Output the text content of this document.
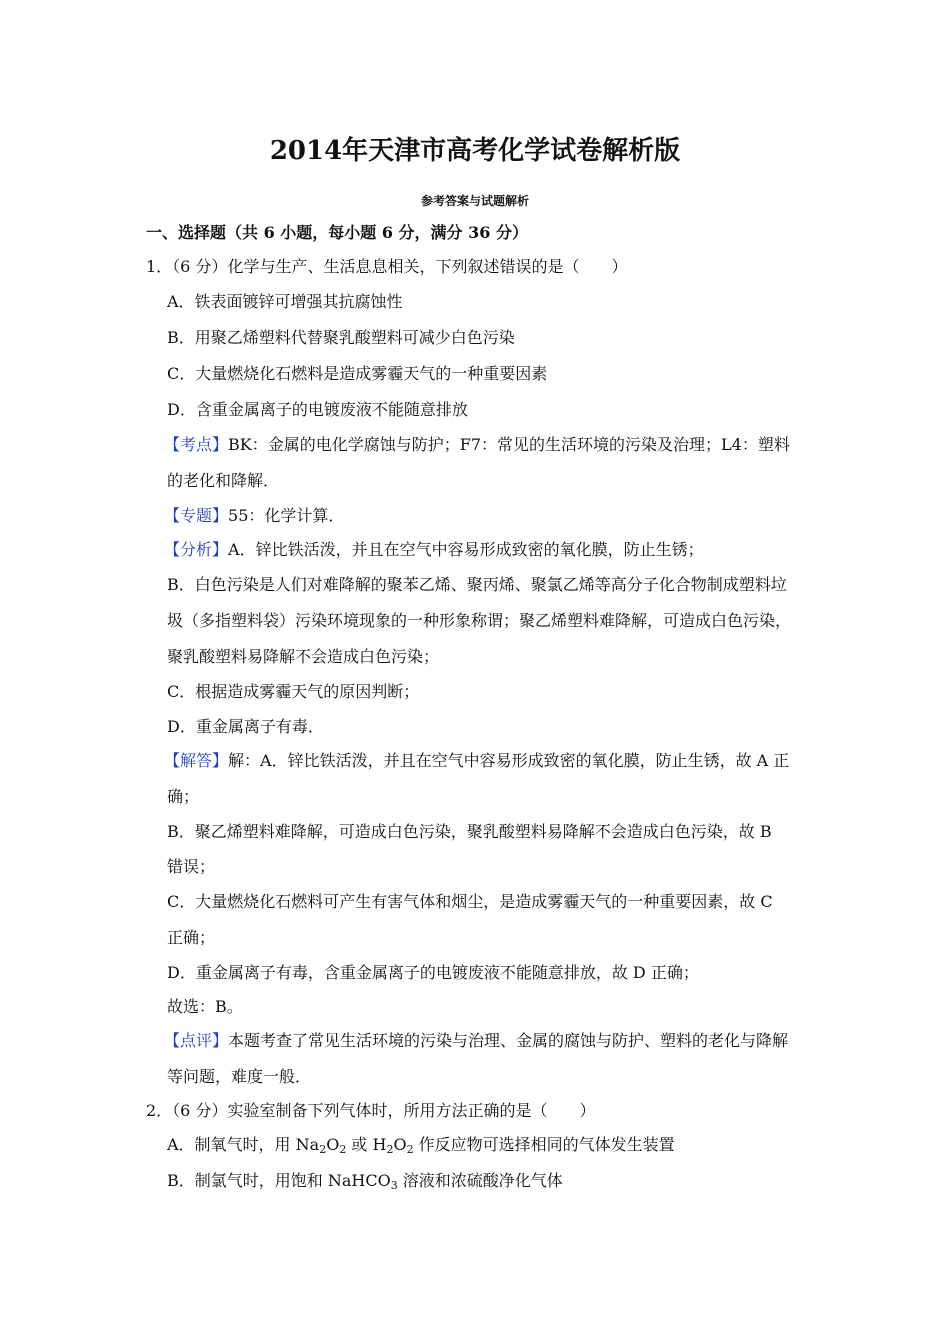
2014年天津市高考化学试卷解析版
参考答案与试题解析
一、选择题（共 6 小题，每小题 6 分，满分 36 分）
1．（6 分）化学与生产、生活息息相关，下列叙述错误的是（　　）
A．铁表面镀锌可增强其抗腐蚀性
B．用聚乙烯塑料代替聚乳酸塑料可减少白色污染
C．大量燃烧化石燃料是造成雾霾天气的一种重要因素
D．含重金属离子的电镀废液不能随意排放
【考点】BK：金属的电化学腐蚀与防护；F7：常见的生活环境的污染及治理；L4：塑料
的老化和降解．
【专题】55：化学计算．
【分析】A．锌比铁活泼，并且在空气中容易形成致密的氧化膜，防止生锈；
B．白色污染是人们对难降解的聚苯乙烯、聚丙烯、聚氯乙烯等高分子化合物制成塑料垃
圾（多指塑料袋）污染环境现象的一种形象称谓；聚乙烯塑料难降解，可造成白色污染，
聚乳酸塑料易降解不会造成白色污染；
C．根据造成雾霾天气的原因判断；
D．重金属离子有毒．
【解答】解：A．锌比铁活泼，并且在空气中容易形成致密的氧化膜，防止生锈，故 A 正
确；
B．聚乙烯塑料难降解，可造成白色污染，聚乳酸塑料易降解不会造成白色污染，故 B
错误；
C．大量燃烧化石燃料可产生有害气体和烟尘，是造成雾霾天气的一种重要因素，故 C
正确；
D．重金属离子有毒，含重金属离子的电镀废液不能随意排放，故 D 正确；
故选：B。
【点评】本题考查了常见生活环境的污染与治理、金属的腐蚀与防护、塑料的老化与降解
等问题，难度一般．
2．（6 分）实验室制备下列气体时，所用方法正确的是（　　）
A．制氧气时，用 $Na_2O_2$ 或 $H_2O_2$ 作反应物可选择相同的气体发生装置
B．制氯气时，用饱和 NaHCO$_3$ 溶液和浓硫酸净化气体
